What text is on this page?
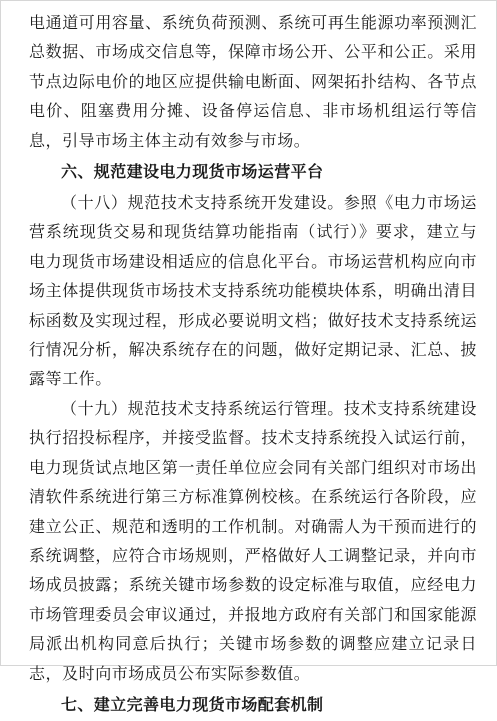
电通道可用容量、系统负荷预测、系统可再生能源功率预测汇总数据、市场成交信息等，保障市场公开、公平和公正。采用节点边际电价的地区应提供输电断面、网架拓扑结构、各节点电价、阻塞费用分摊、设备停运信息、非市场机组运行等信息，引导市场主体主动有效参与市场。

六、规范建设电力现货市场运营平台

（十八）规范技术支持系统开发建设。参照《电力市场运营系统现货交易和现货结算功能指南（试行）》要求，建立与电力现货市场建设相适应的信息化平台。市场运营机构应向市场主体提供现货市场技术支持系统功能模块体系，明确出清目标函数及实现过程，形成必要说明文档；做好技术支持系统运行情况分析，解决系统存在的问题，做好定期记录、汇总、披露等工作。

（十九）规范技术支持系统运行管理。技术支持系统建设执行招投标程序，并接受监督。技术支持系统投入试运行前，电力现货试点地区第一责任单位应会同有关部门组织对市场出清软件系统进行第三方标准算例校核。在系统运行各阶段，应建立公正、规范和透明的工作机制。对确需人为干预而进行的系统调整，应符合市场规则，严格做好人工调整记录，并向市场成员披露；系统关键市场参数的设定标准与取值，应经电力市场管理委员会审议通过，并报地方政府有关部门和国家能源局派出机构同意后执行；关键市场参数的调整应建立记录日志，及时向市场成员公布实际参数值。

七、建立完善电力现货市场配套机制
